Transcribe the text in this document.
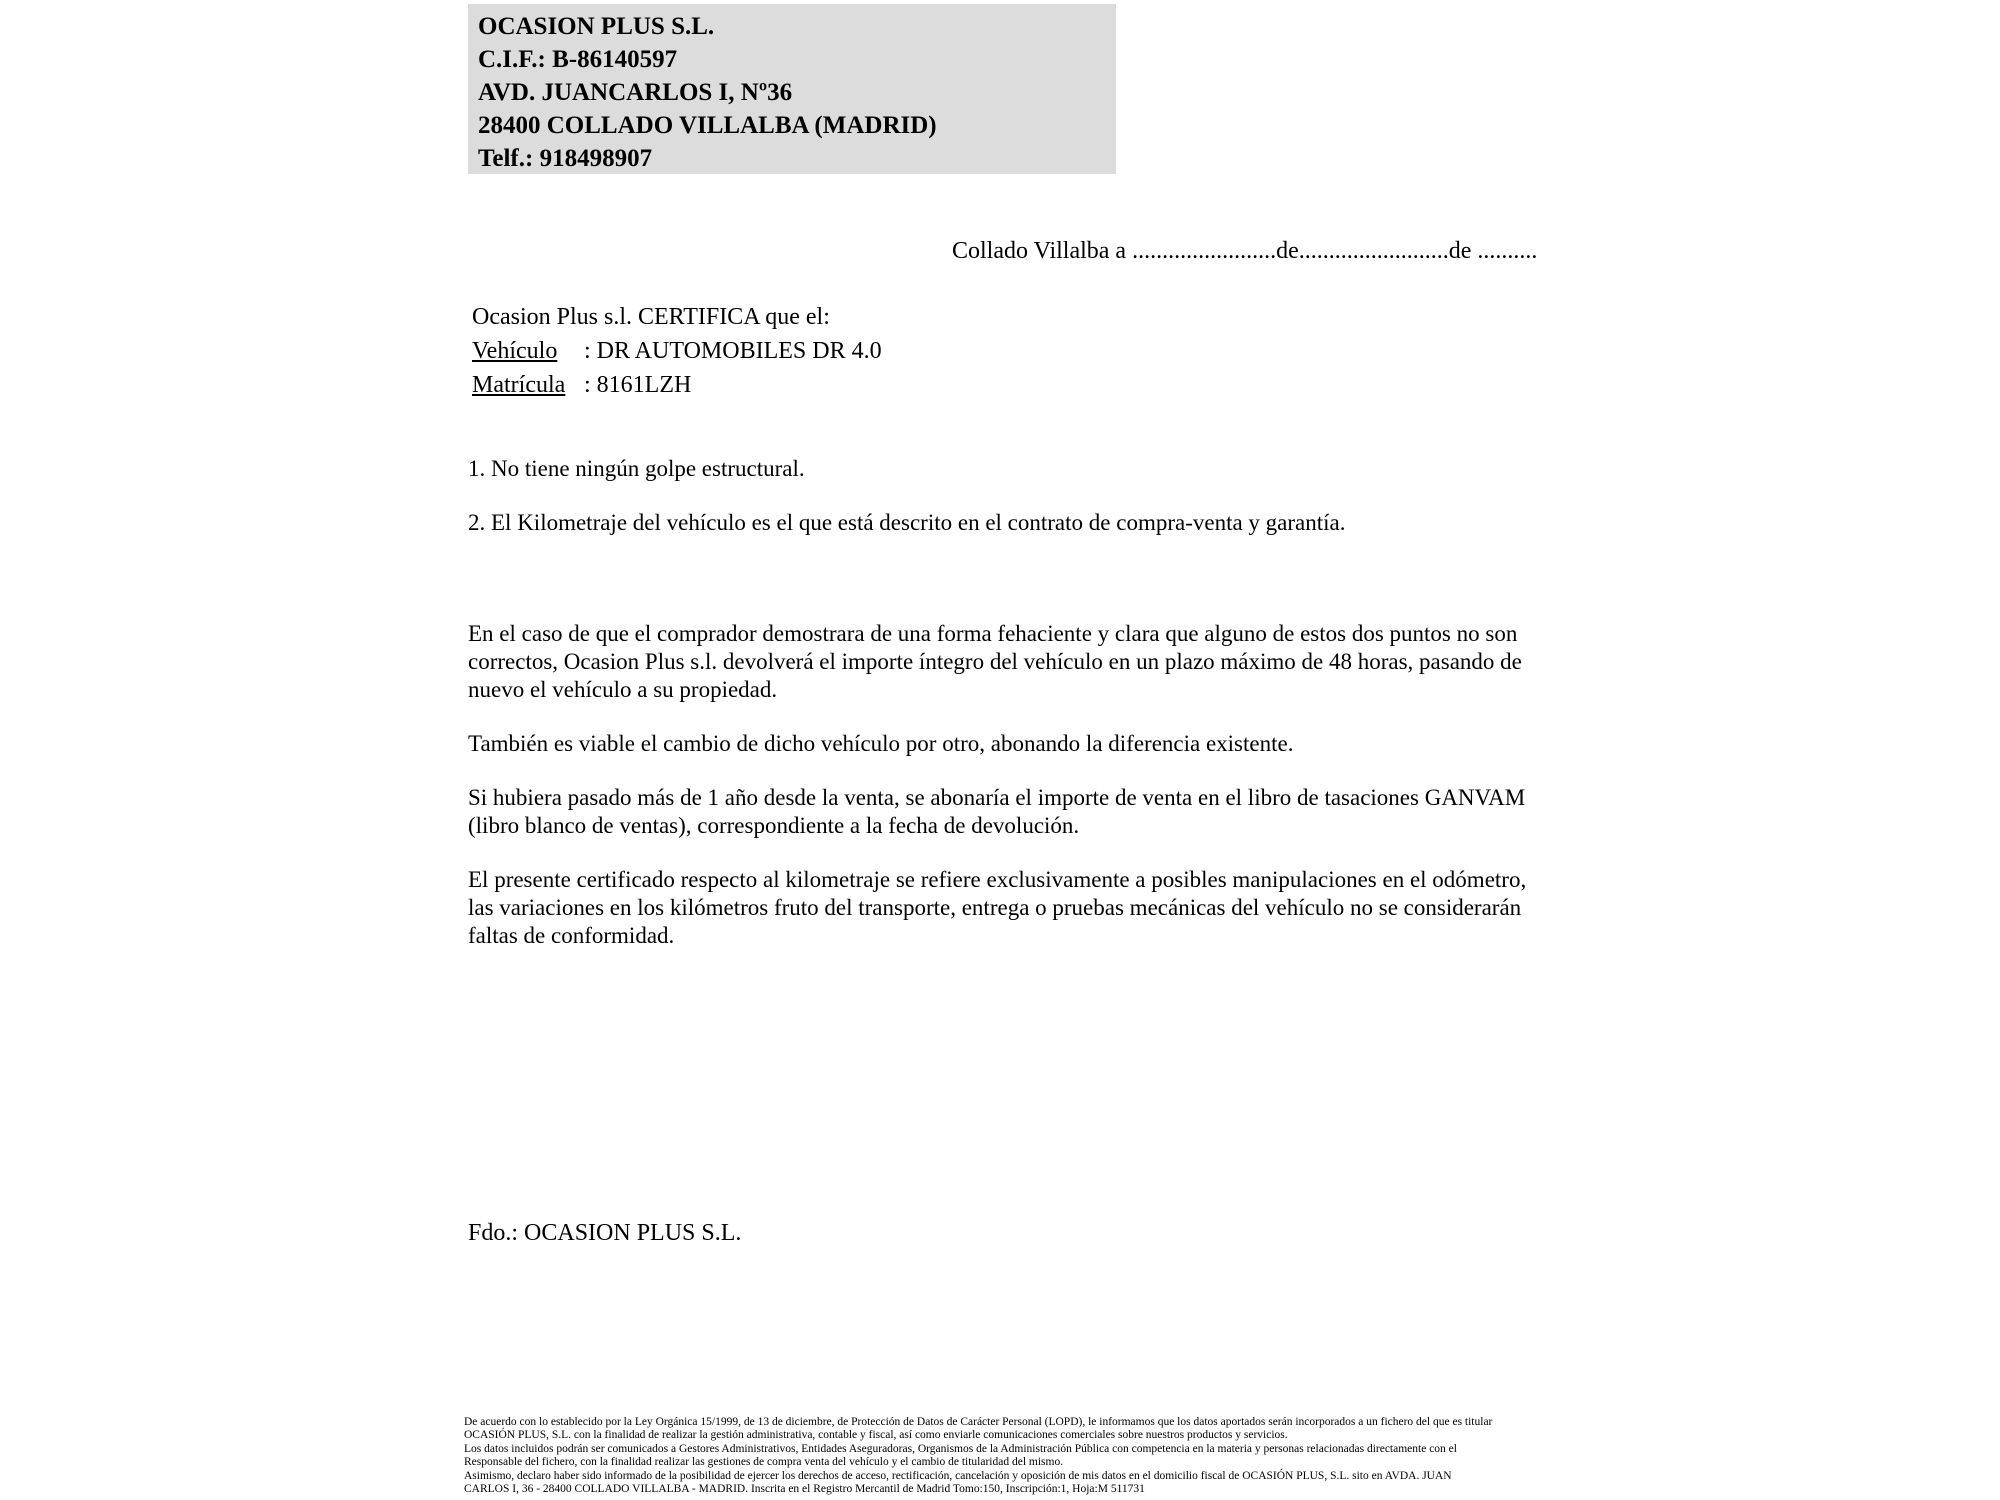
OCASION PLUS S.L.
C.I.F.: B-86140597
AVD. JUANCARLOS I, Nº36
28400 COLLADO VILLALBA (MADRID)
Telf.: 918498907
Collado Villalba a ........................de.........................de ..........
Ocasion Plus s.l. CERTIFICA que el:
Vehículo : DR AUTOMOBILES DR 4.0
Matrícula : 8161LZH
1. No tiene ningún golpe estructural.
2. El Kilometraje del vehículo es el que está descrito en el contrato de compra-venta y garantía.

En el caso de que el comprador demostrara de una forma fehaciente y clara que alguno de estos dos puntos no son correctos, Ocasion Plus s.l. devolverá el importe íntegro del vehículo en un plazo máximo de 48 horas, pasando de nuevo el vehículo a su propiedad.

También es viable el cambio de dicho vehículo por otro, abonando la diferencia existente.

Si hubiera pasado más de 1 año desde la venta, se abonaría el importe de venta en el libro de tasaciones GANVAM (libro blanco de ventas), correspondiente a la fecha de devolución.

El presente certificado respecto al kilometraje se refiere exclusivamente a posibles manipulaciones en el odómetro, las variaciones en los kilómetros fruto del transporte, entrega o pruebas mecánicas del vehículo no se considerarán faltas de conformidad.

Fdo.: OCASION PLUS S.L.
De acuerdo con lo establecido por la Ley Orgánica 15/1999, de 13 de diciembre, de Protección de Datos de Carácter Personal (LOPD), le informamos que los datos aportados serán incorporados a un fichero del que es titular
OCASIÓN PLUS, S.L. con la finalidad de realizar la gestión administrativa, contable y fiscal, así como enviarle comunicaciones comerciales sobre nuestros productos y servicios.
Los datos incluidos podrán ser comunicados a Gestores Administrativos, Entidades Aseguradoras, Organismos de la Administración Pública con competencia en la materia y personas relacionadas directamente con el
Responsable del fichero, con la finalidad realizar las gestiones de compra venta del vehículo y el cambio de titularidad del mismo.
Asimismo, declaro haber sido informado de la posibilidad de ejercer los derechos de acceso, rectificación, cancelación y oposición de mis datos en el domicilio fiscal de OCASIÓN PLUS, S.L. sito en AVDA. JUAN
CARLOS I, 36 - 28400 COLLADO VILLALBA - MADRID. Inscrita en el Registro Mercantil de Madrid Tomo:150, Inscripción:1, Hoja:M 511731
